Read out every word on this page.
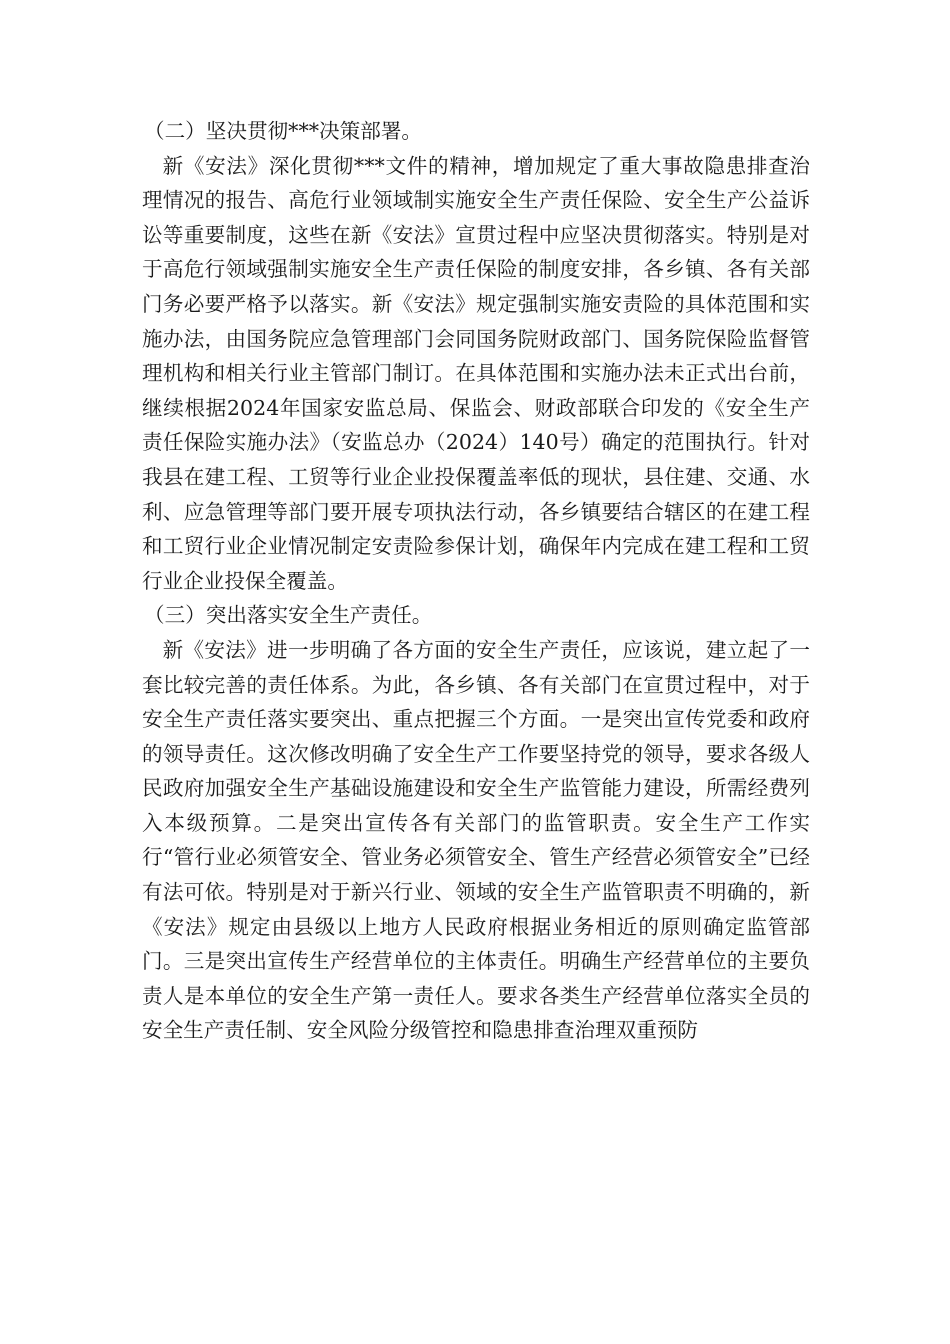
（二）坚决贯彻***决策部署。

新《安法》深化贯彻***文件的精神，增加规定了重大事故隐患排查治理情况的报告、高危行业领域制实施安全生产责任保险、安全生产公益诉讼等重要制度，这些在新《安法》宣贯过程中应坚决贯彻落实。特别是对于高危行领域强制实施安全生产责任保险的制度安排，各乡镇、各有关部门务必要严格予以落实。新《安法》规定强制实施安责险的具体范围和实施办法，由国务院应急管理部门会同国务院财政部门、国务院保险监督管理机构和相关行业主管部门制订。在具体范围和实施办法未正式出台前，继续根据2024年国家安监总局、保监会、财政部联合印发的《安全生产责任保险实施办法》（安监总办（2024）140号）确定的范围执行。针对我县在建工程、工贸等行业企业投保覆盖率低的现状，县住建、交通、水利、应急管理等部门要开展专项执法行动，各乡镇要结合辖区的在建工程和工贸行业企业情况制定安责险参保计划，确保年内完成在建工程和工贸行业企业投保全覆盖。

（三）突出落实安全生产责任。

新《安法》进一步明确了各方面的安全生产责任，应该说，建立起了一套比较完善的责任体系。为此，各乡镇、各有关部门在宣贯过程中，对于安全生产责任落实要突出、重点把握三个方面。一是突出宣传党委和政府的领导责任。这次修改明确了安全生产工作要坚持党的领导，要求各级人民政府加强安全生产基础设施建设和安全生产监管能力建设，所需经费列入本级预算。二是突出宣传各有关部门的监管职责。安全生产工作实行“管行业必须管安全、管业务必须管安全、管生产经营必须管安全”已经有法可依。特别是对于新兴行业、领域的安全生产监管职责不明确的，新《安法》规定由县级以上地方人民政府根据业务相近的原则确定监管部门。三是突出宣传生产经营单位的主体责任。明确生产经营单位的主要负责人是本单位的安全生产第一责任人。要求各类生产经营单位落实全员的安全生产责任制、安全风险分级管控和隐患排查治理双重预防
